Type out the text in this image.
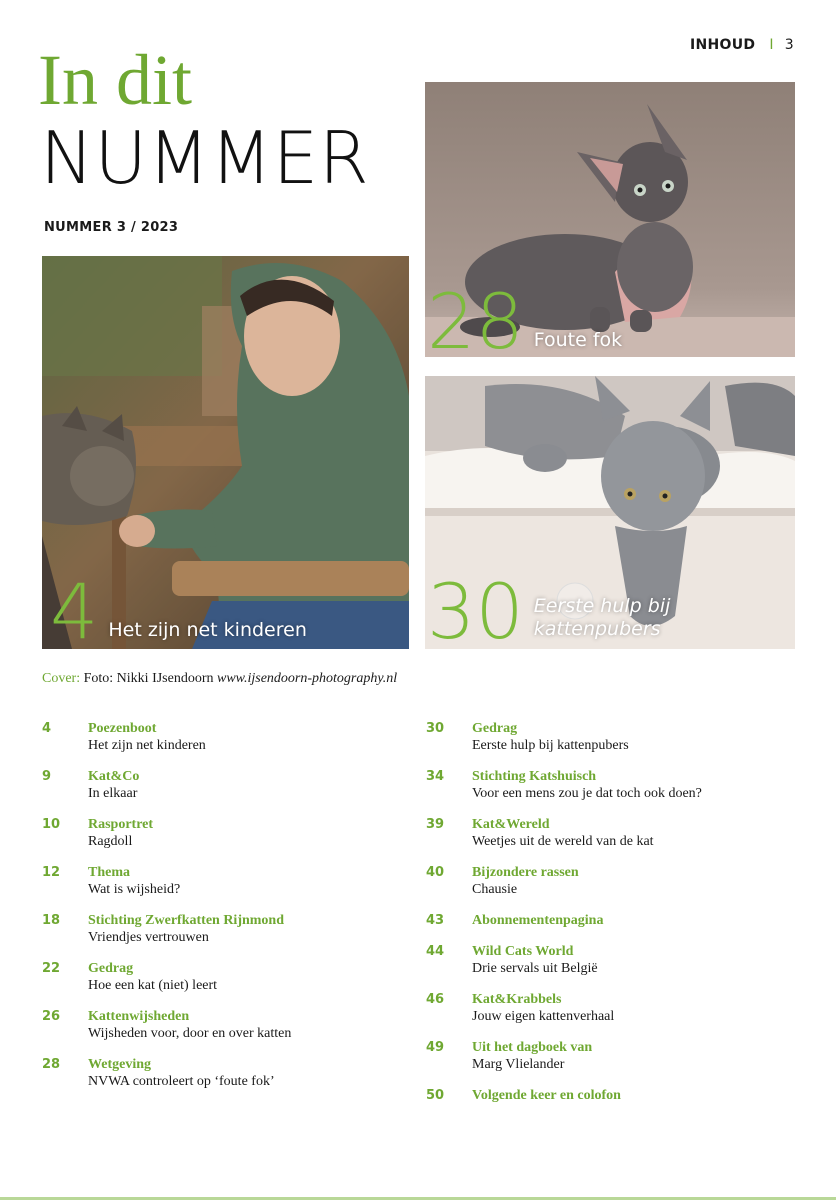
INHOUD I 3
In dit
NUMMER
NUMMER 3 / 2023
4 Het zijn net kinderen
28 Foute fok
30 Eerste hulp bij
kattenpubers
Cover: Foto: Nikki IJsendoorn www.ijsendoorn-photography.nl
4	Poezenboot
Het zijn net kinderen
9	Kat&Co
In elkaar
10	Rasportret
Ragdoll
12	Thema
Wat is wijsheid?
18	Stichting Zwerfkatten Rijnmond
Vriendjes vertrouwen
22	Gedrag
Hoe een kat (niet) leert
26	Kattenwijsheden
Wijsheden voor, door en over katten
28	Wetgeving
NVWA controleert op ‘foute fok’
30	Gedrag
Eerste hulp bij kattenpubers
34	Stichting Katshuisch
Voor een mens zou je dat toch ook doen?
39	Kat&Wereld
Weetjes uit de wereld van de kat
40	Bijzondere rassen
Chausie
43	Abonnementenpagina
44	Wild Cats World
Drie servals uit België
46	Kat&Krabbels
Jouw eigen kattenverhaal
49	Uit het dagboek van
Marg Vlielander
50	Volgende keer en colofon
